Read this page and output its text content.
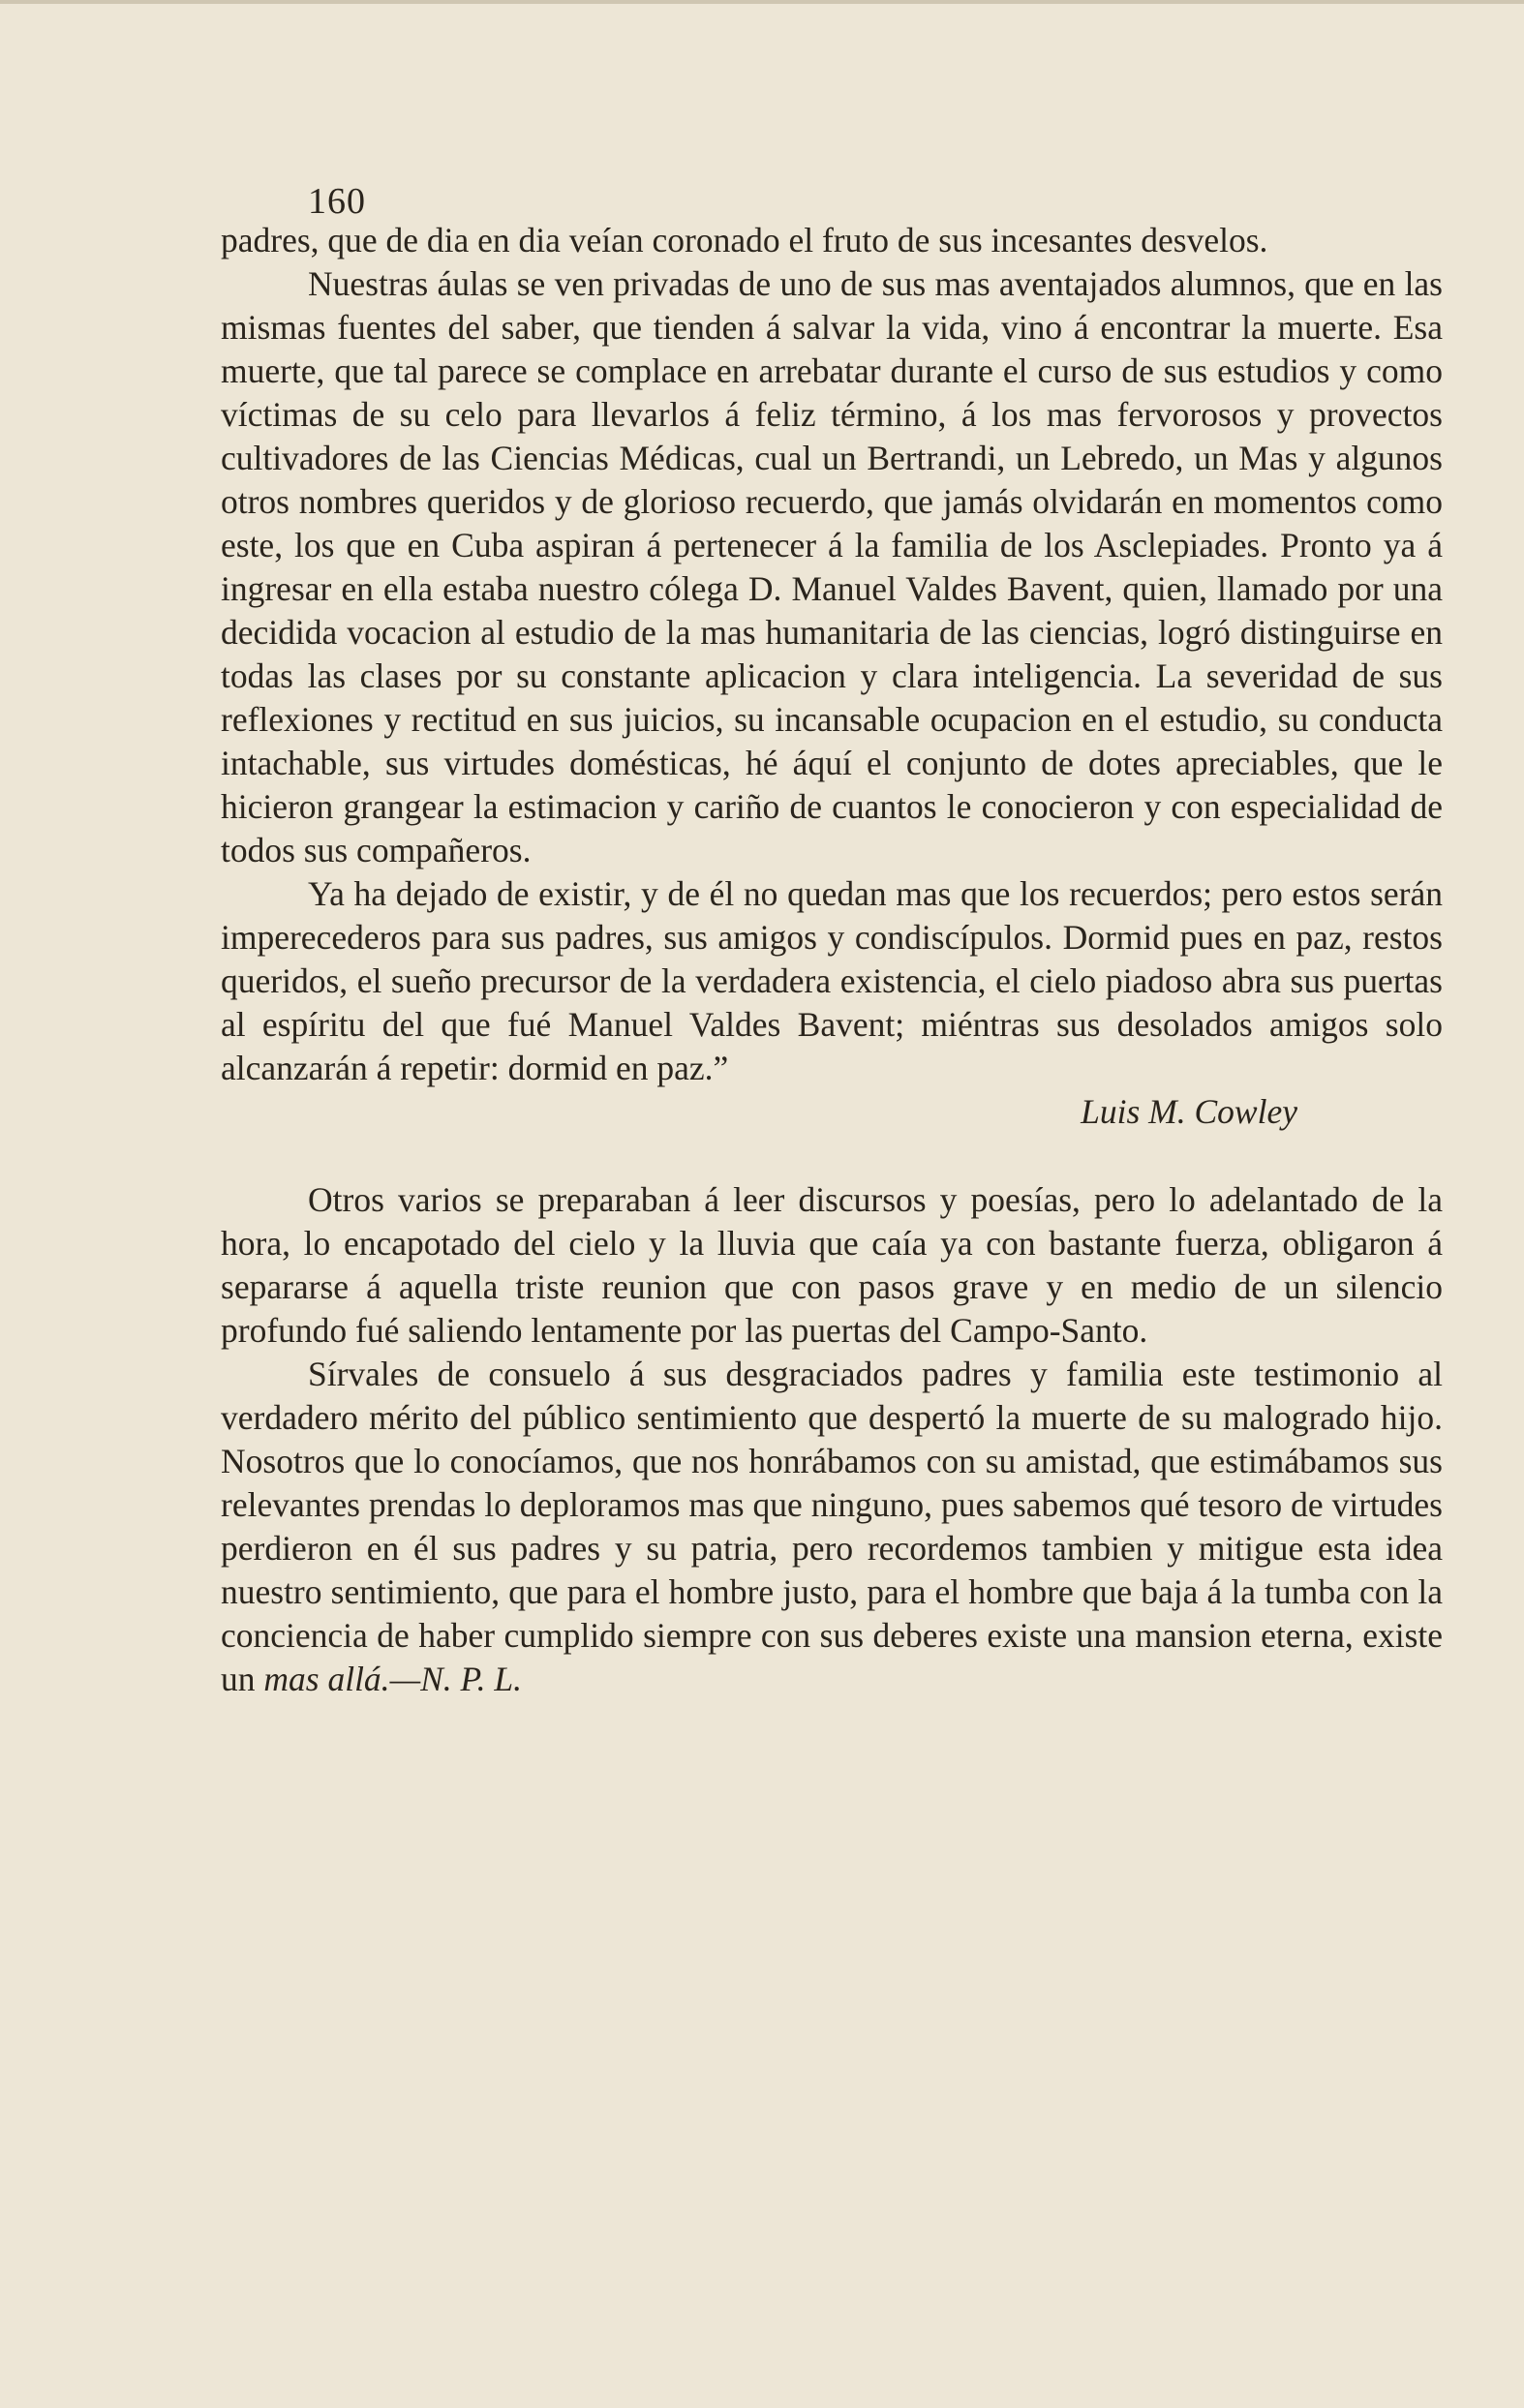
160

padres, que de dia en dia veían coronado el fruto de sus incesantes desvelos.

Nuestras áulas se ven privadas de uno de sus mas aventajados alumnos, que en las mismas fuentes del saber, que tienden á salvar la vida, vino á encontrar la muerte. Esa muerte, que tal parece se complace en arrebatar durante el curso de sus estudios y como víctimas de su celo para llevarlos á feliz término, á los mas fervorosos y provectos cultivadores de las Ciencias Médicas, cual un Bertrandi, un Lebredo, un Mas y algunos otros nombres queridos y de glorioso recuerdo, que jamás olvidarán en momentos como este, los que en Cuba aspiran á pertenecer á la familia de los Asclepiades. Pronto ya á ingresar en ella estaba nuestro cólega D. Manuel Valdes Bavent, quien, llamado por una decidida vocacion al estudio de la mas humanitaria de las ciencias, logró distinguirse en todas las clases por su constante aplicacion y clara inteligencia. La severidad de sus reflexiones y rectitud en sus juicios, su incansable ocupacion en el estudio, su conducta intachable, sus virtudes domésticas, hé áquí el conjunto de dotes apreciables, que le hicieron grangear la estimacion y cariño de cuantos le conocieron y con especialidad de todos sus compañeros.

Ya ha dejado de existir, y de él no quedan mas que los recuerdos; pero estos serán imperecederos para sus padres, sus amigos y condiscípulos. Dormid pues en paz, restos queridos, el sueño precursor de la verdadera existencia, el cielo piadoso abra sus puertas al espíritu del que fué Manuel Valdes Bavent; miéntras sus desolados amigos solo alcanzarán á repetir: dormid en paz.”

Luis M. Cowley

Otros varios se preparaban á leer discursos y poesías, pero lo adelantado de la hora, lo encapotado del cielo y la lluvia que caía ya con bastante fuerza, obligaron á separarse á aquella triste reunion que con pasos grave y en medio de un silencio profundo fué saliendo lentamente por las puertas del Campo-Santo.

Sírvales de consuelo á sus desgraciados padres y familia este testimonio al verdadero mérito del público sentimiento que despertó la muerte de su malogrado hijo. Nosotros que lo conocíamos, que nos honrábamos con su amistad, que estimábamos sus relevantes prendas lo deploramos mas que ninguno, pues sabemos qué tesoro de virtudes perdieron en él sus padres y su patria, pero recordemos tambien y mitigue esta idea nuestro sentimiento, que para el hombre justo, para el hombre que baja á la tumba con la conciencia de haber cumplido siempre con sus deberes existe una mansion eterna, existe un mas allá.—N. P. L.
